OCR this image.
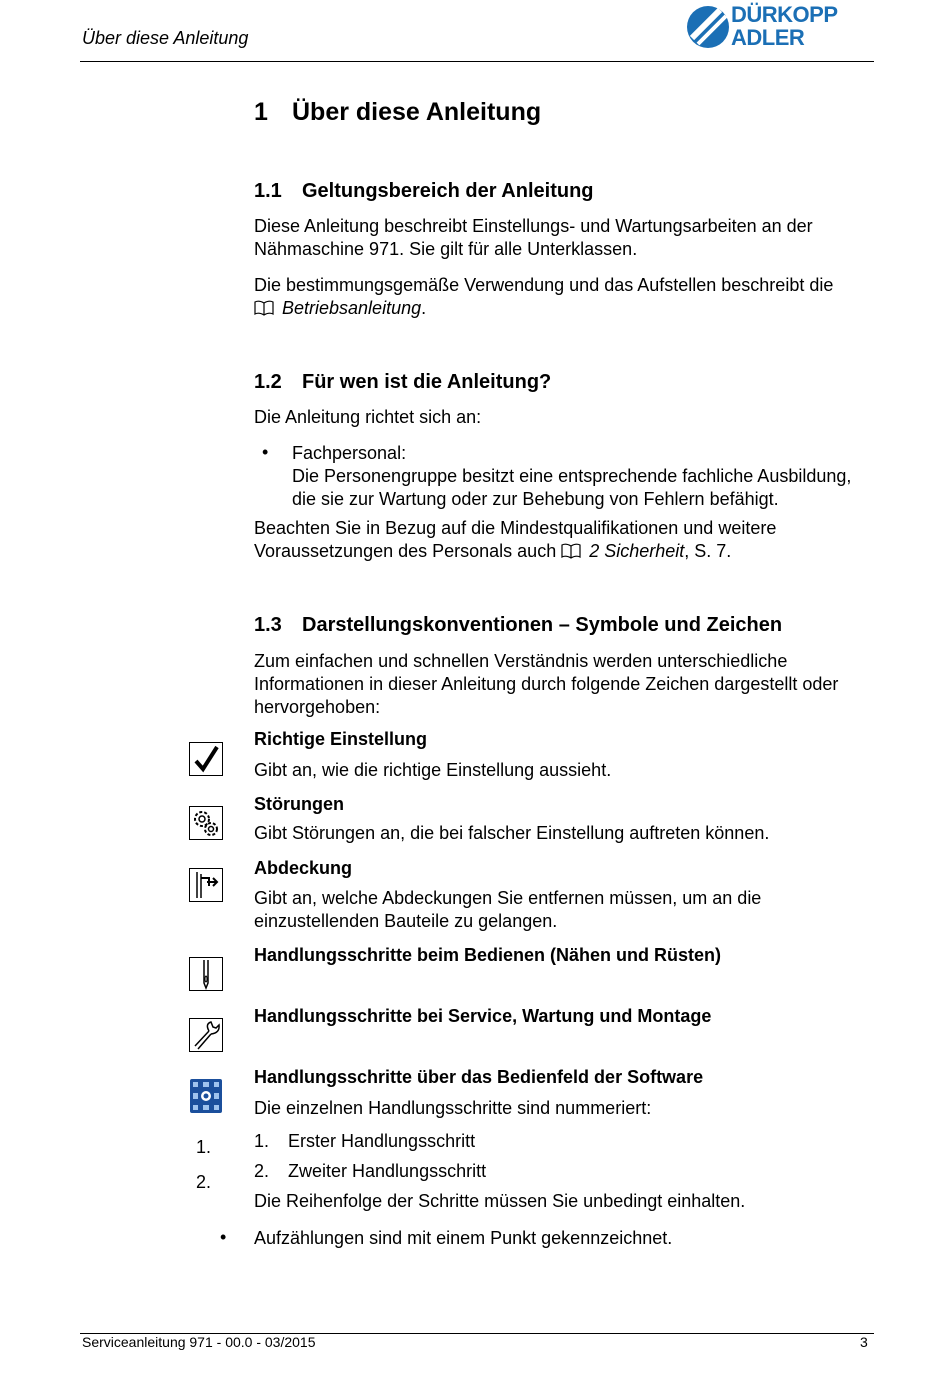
Über diese Anleitung
DÜRKOPP
ADLER
1 Über diese Anleitung
1.1 Geltungsbereich der Anleitung
Diese Anleitung beschreibt Einstellungs- und Wartungsarbeiten an der Nähmaschine 971. Sie gilt für alle Unterklassen.
Die bestimmungsgemäße Verwendung und das Aufstellen beschreibt die
Betriebsanleitung.
1.2 Für wen ist die Anleitung?
Die Anleitung richtet sich an:
• Fachpersonal:
Die Personengruppe besitzt eine entsprechende fachliche Ausbildung, die sie zur Wartung oder zur Behebung von Fehlern befähigt.
Beachten Sie in Bezug auf die Mindestqualifikationen und weitere Voraussetzungen des Personals auch 2 Sicherheit, S. 7.
1.3 Darstellungskonventionen – Symbole und Zeichen
Zum einfachen und schnellen Verständnis werden unterschiedliche Informationen in dieser Anleitung durch folgende Zeichen dargestellt oder hervorgehoben:
Richtige Einstellung
Gibt an, wie die richtige Einstellung aussieht.
Störungen
Gibt Störungen an, die bei falscher Einstellung auftreten können.
Abdeckung
Gibt an, welche Abdeckungen Sie entfernen müssen, um an die einzustellenden Bauteile zu gelangen.
Handlungsschritte beim Bedienen (Nähen und Rüsten)
Handlungsschritte bei Service, Wartung und Montage
Handlungsschritte über das Bedienfeld der Software
Die einzelnen Handlungsschritte sind nummeriert:
1.
2.
1. Erster Handlungsschritt
2. Zweiter Handlungsschritt
Die Reihenfolge der Schritte müssen Sie unbedingt einhalten.
• Aufzählungen sind mit einem Punkt gekennzeichnet.
Serviceanleitung 971 - 00.0 - 03/2015	3
